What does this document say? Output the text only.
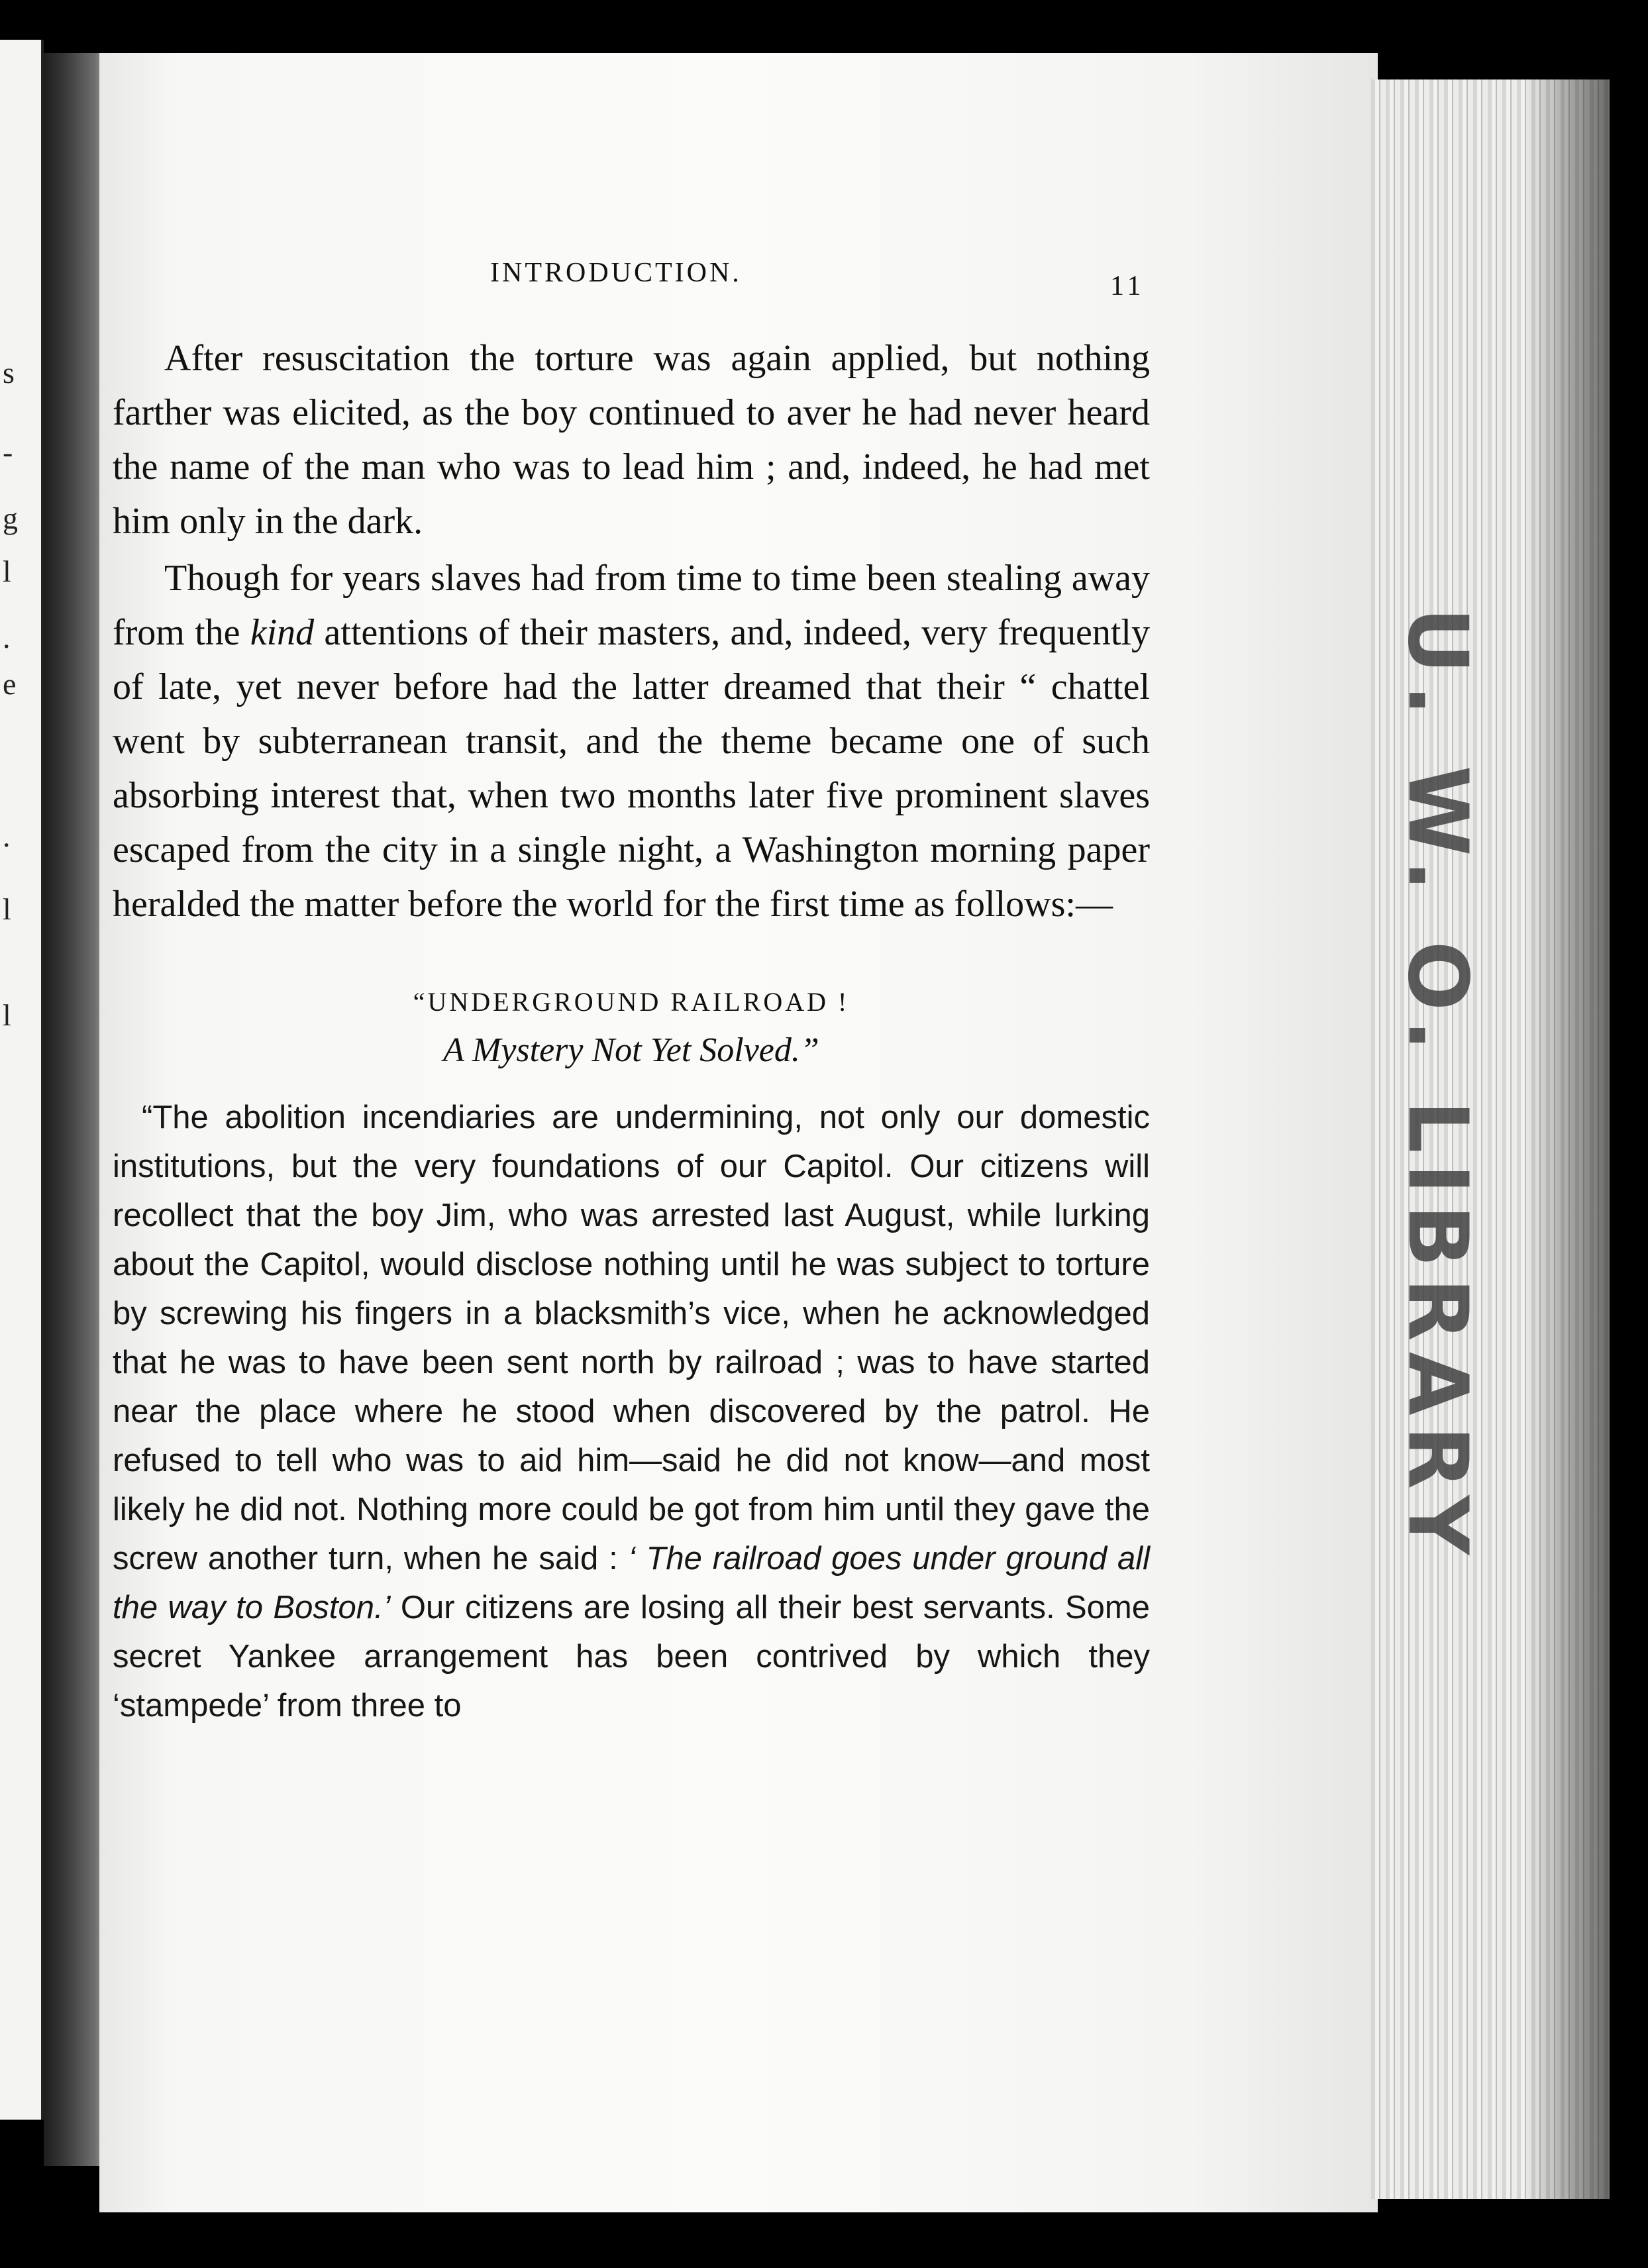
s
-
g
l
.
e
.
l
l	U. W. O. LIBRARY
INTRODUCTION.	11

After resuscitation the torture was again applied, but nothing farther was elicited, as the boy continued to aver he had never heard the name of the man who was to lead him ; and, indeed, he had met him only in the dark.

Though for years slaves had from time to time been stealing away from the kind attentions of their masters, and, indeed, very frequently of late, yet never before had the latter dreamed that their “ chattel went by subterranean transit, and the theme became one of such absorbing interest that, when two months later five prominent slaves escaped from the city in a single night, a Washington morning paper heralded the matter before the world for the first time as follows:—

“UNDERGROUND RAILROAD !
A Mystery Not Yet Solved.”

“The abolition incendiaries are undermining, not only our domestic institutions, but the very foundations of our Capitol. Our citizens will recollect that the boy Jim, who was arrested last August, while lurking about the Capitol, would disclose nothing until he was subject to torture by screwing his fingers in a blacksmith’s vice, when he acknowledged that he was to have been sent north by railroad ; was to have started near the place where he stood when discovered by the patrol. He refused to tell who was to aid him—said he did not know—and most likely he did not. Nothing more could be got from him until they gave the screw another turn, when he said : ‘ The railroad goes under ground all the way to Boston.’ Our citizens are losing all their best servants. Some secret Yankee arrangement has been contrived by which they ‘stampede’ from three to
